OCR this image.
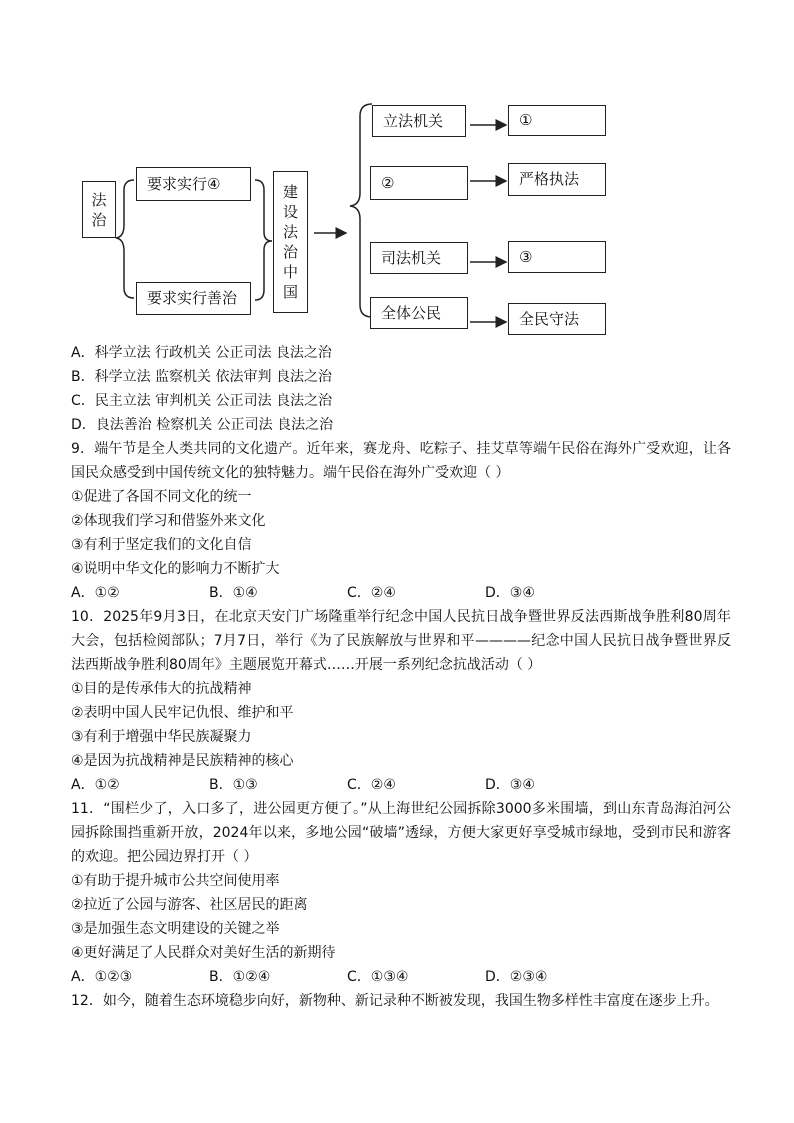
法
治
要求实行④
要求实行善治
建
设
法
治
中
国
立法机关	①
②	严格执法
司法机关	③
全体公民	全民守法
A．科学立法 行政机关 公正司法 良法之治
B．科学立法 监察机关 依法审判 良法之治
C．民主立法 审判机关 公正司法 良法之治
D．良法善治 检察机关 公正司法 良法之治
9．端午节是全人类共同的文化遗产。近年来，赛龙舟、吃粽子、挂艾草等端午民俗在海外广受欢迎，让各国民众感受到中国传统文化的独特魅力。端午民俗在海外广受欢迎（ ）
①促进了各国不同文化的统一
②体现我们学习和借鉴外来文化
③有利于坚定我们的文化自信
④说明中华文化的影响力不断扩大
A．①②	B．①④	C．②④	D．③④
10．2025年9月3日，在北京天安门广场隆重举行纪念中国人民抗日战争暨世界反法西斯战争胜利80周年大会，包括检阅部队；7月7日，举行《为了民族解放与世界和平————纪念中国人民抗日战争暨世界反法西斯战争胜利80周年》主题展览开幕式……开展一系列纪念抗战活动（ ）
①目的是传承伟大的抗战精神
②表明中国人民牢记仇恨、维护和平
③有利于增强中华民族凝聚力
④是因为抗战精神是民族精神的核心
A．①②	B．①③	C．②④	D．③④
11．“围栏少了，入口多了，进公园更方便了。”从上海世纪公园拆除3000多米围墙，到山东青岛海泊河公园拆除围挡重新开放，2024年以来，多地公园“破墙”透绿，方便大家更好享受城市绿地，受到市民和游客的欢迎。把公园边界打开（ ）
①有助于提升城市公共空间使用率
②拉近了公园与游客、社区居民的距离
③是加强生态文明建设的关键之举
④更好满足了人民群众对美好生活的新期待
A．①②③	B．①②④	C．①③④	D．②③④
12．如今，随着生态环境稳步向好，新物种、新记录种不断被发现，我国生物多样性丰富度在逐步上升。
